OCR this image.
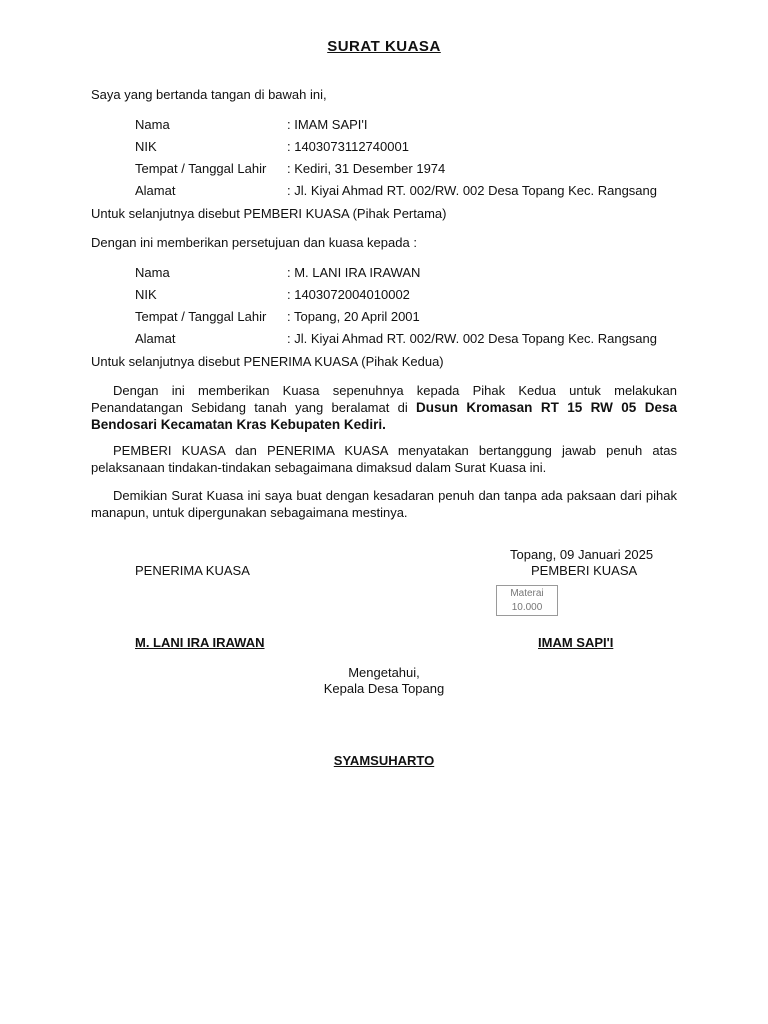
SURAT KUASA
Saya yang bertanda tangan di bawah ini,
Nama	: IMAM SAPI'I
NIK	: 1403073112740001
Tempat / Tanggal Lahir : Kediri, 31 Desember 1974
Alamat	: Jl. Kiyai Ahmad RT. 002/RW. 002 Desa Topang Kec. Rangsang
Untuk selanjutnya disebut PEMBERI KUASA (Pihak Pertama)
Dengan ini memberikan persetujuan dan kuasa kepada :
Nama	: M. LANI IRA IRAWAN
NIK	: 1403072004010002
Tempat / Tanggal Lahir : Topang, 20 April 2001
Alamat	: Jl. Kiyai Ahmad RT. 002/RW. 002 Desa Topang Kec. Rangsang
Untuk selanjutnya disebut PENERIMA KUASA (Pihak Kedua)
Dengan ini memberikan Kuasa sepenuhnya kepada Pihak Kedua untuk melakukan Penandatangan Sebidang tanah yang beralamat di Dusun Kromasan RT 15 RW 05 Desa Bendosari Kecamatan Kras Kebupaten Kediri.
PEMBERI KUASA dan PENERIMA KUASA menyatakan bertanggung jawab penuh atas pelaksanaan tindakan-tindakan sebagaimana dimaksud dalam Surat Kuasa ini.
Demikian Surat Kuasa ini saya buat dengan kesadaran penuh dan tanpa ada paksaan dari pihak manapun, untuk dipergunakan sebagaimana mestinya.
Topang, 09 Januari 2025
PENERIMA KUASA	PEMBERI KUASA
Materai
10.000
M. LANI IRA IRAWAN	IMAM SAPI'I
Mengetahui,
Kepala Desa Topang
SYAMSUHARTO
